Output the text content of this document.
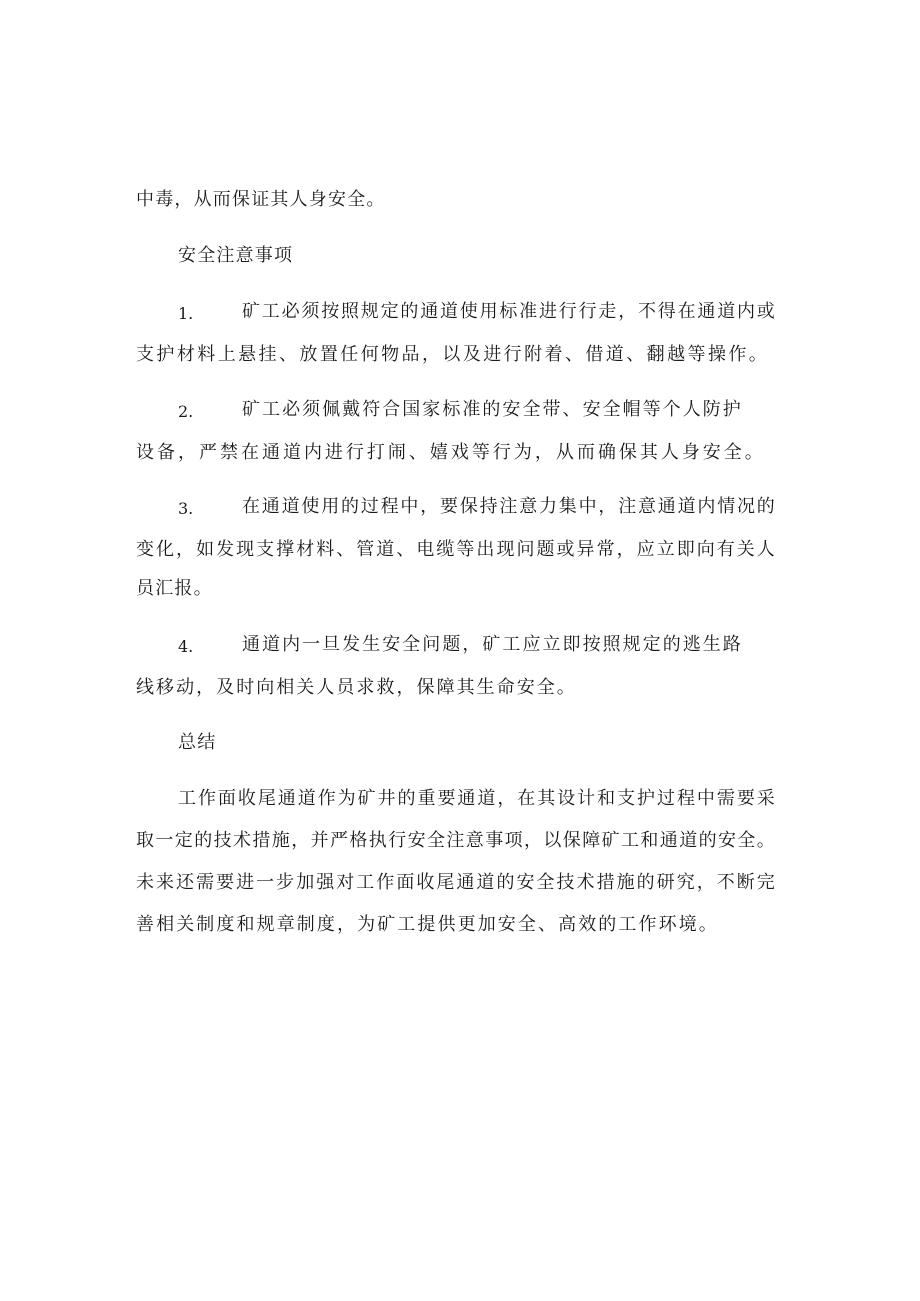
中毒，从而保证其人身安全。
安全注意事项
1.	矿工必须按照规定的通道使用标准进行行走，不得在通道内或
支护材料上悬挂、放置任何物品，以及进行附着、借道、翻越等操作。
2.	矿工必须佩戴符合国家标准的安全带、安全帽等个人防护
设备，严禁在通道内进行打闹、嬉戏等行为，从而确保其人身安全。
3.	在通道使用的过程中，要保持注意力集中，注意通道内情况的
变化，如发现支撑材料、管道、电缆等出现问题或异常，应立即向有关人
员汇报。
4.	通道内一旦发生安全问题，矿工应立即按照规定的逃生路
线移动，及时向相关人员求救，保障其生命安全。
总结
工作面收尾通道作为矿井的重要通道，在其设计和支护过程中需要采
取一定的技术措施，并严格执行安全注意事项，以保障矿工和通道的安全。
未来还需要进一步加强对工作面收尾通道的安全技术措施的研究，不断完
善相关制度和规章制度，为矿工提供更加安全、高效的工作环境。
